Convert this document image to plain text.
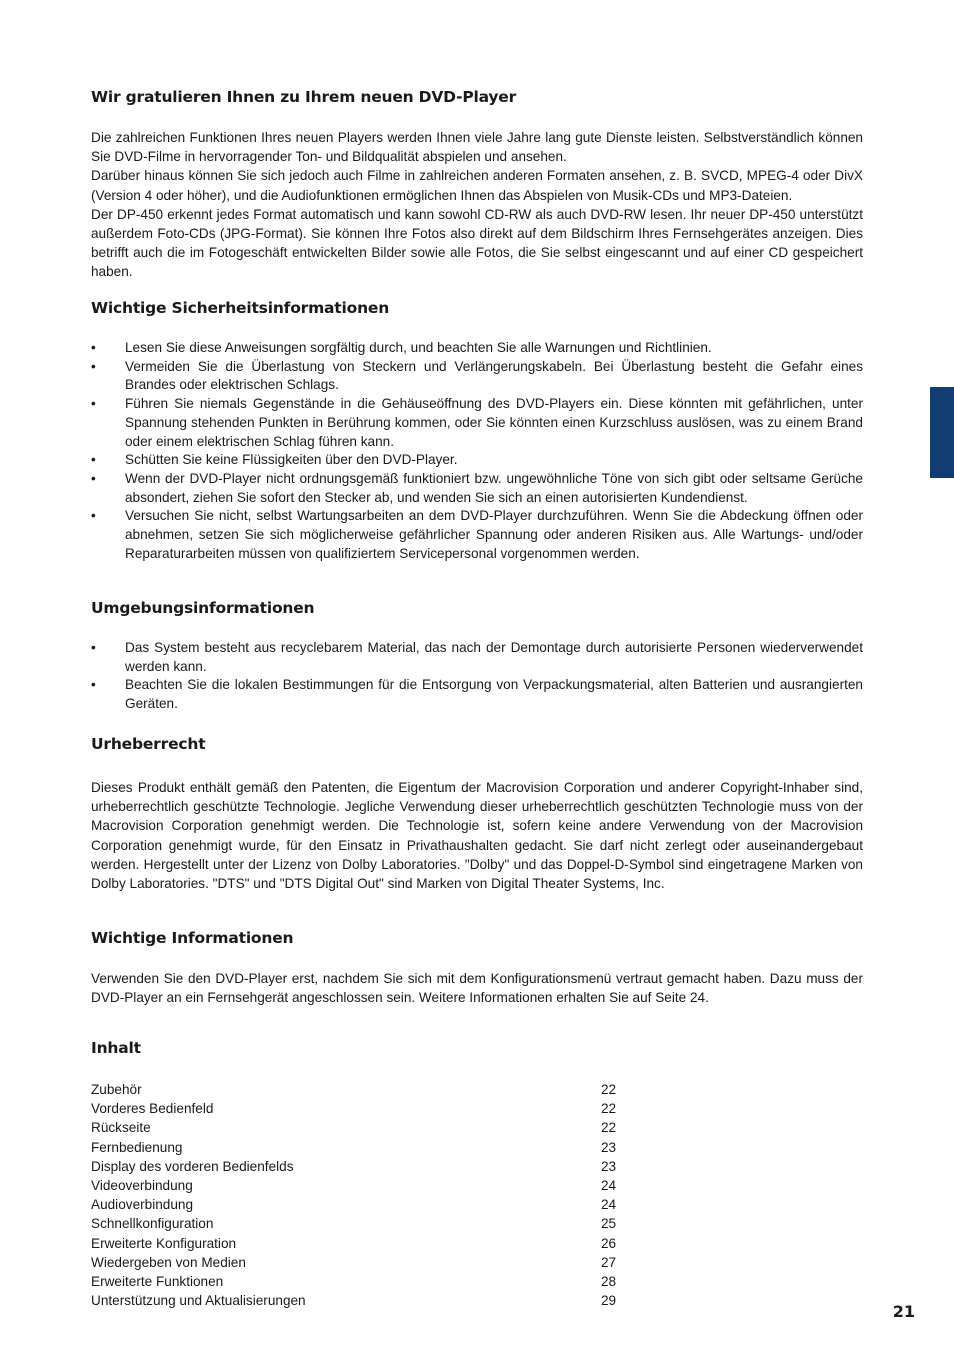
Wir gratulieren Ihnen zu Ihrem neuen DVD-Player

Die zahlreichen Funktionen Ihres neuen Players werden Ihnen viele Jahre lang gute Dienste leisten. Selbstverständlich können Sie DVD-Filme in hervorragender Ton- und Bildqualität abspielen und ansehen.

Darüber hinaus können Sie sich jedoch auch Filme in zahlreichen anderen Formaten ansehen, z. B. SVCD, MPEG-4 oder DivX (Version 4 oder höher), und die Audiofunktionen ermöglichen Ihnen das Abspielen von Musik-CDs und MP3-Dateien.

Der DP-450 erkennt jedes Format automatisch und kann sowohl CD-RW als auch DVD-RW lesen. Ihr neuer DP-450 unterstützt außerdem Foto-CDs (JPG-Format). Sie können Ihre Fotos also direkt auf dem Bildschirm Ihres Fernsehgerätes anzeigen. Dies betrifft auch die im Fotogeschäft entwickelten Bilder sowie alle Fotos, die Sie selbst eingescannt und auf einer CD gespeichert haben.

Wichtige Sicherheitsinformationen
• Lesen Sie diese Anweisungen sorgfältig durch, und beachten Sie alle Warnungen und Richtlinien.
• Vermeiden Sie die Überlastung von Steckern und Verlängerungskabeln. Bei Überlastung besteht die Gefahr eines Brandes oder elektrischen Schlags.
• Führen Sie niemals Gegenstände in die Gehäuseöffnung des DVD-Players ein. Diese könnten mit gefährlichen, unter Spannung stehenden Punkten in Berührung kommen, oder Sie könnten einen Kurzschluss auslösen, was zu einem Brand oder einem elektrischen Schlag führen kann.
• Schütten Sie keine Flüssigkeiten über den DVD-Player.
• Wenn der DVD-Player nicht ordnungsgemäß funktioniert bzw. ungewöhnliche Töne von sich gibt oder seltsame Gerüche absondert, ziehen Sie sofort den Stecker ab, und wenden Sie sich an einen autorisierten Kundendienst.
• Versuchen Sie nicht, selbst Wartungsarbeiten an dem DVD-Player durchzuführen. Wenn Sie die Abdeckung öffnen oder abnehmen, setzen Sie sich möglicherweise gefährlicher Spannung oder anderen Risiken aus. Alle Wartungs- und/oder Reparaturarbeiten müssen von qualifiziertem Servicepersonal vorgenommen werden.
Umgebungsinformationen
• Das System besteht aus recyclebarem Material, das nach der Demontage durch autorisierte Personen wiederverwendet werden kann.
• Beachten Sie die lokalen Bestimmungen für die Entsorgung von Verpackungsmaterial, alten Batterien und ausrangierten Geräten.
Urheberrecht

Dieses Produkt enthält gemäß den Patenten, die Eigentum der Macrovision Corporation und anderer Copyright-Inhaber sind, urheberrechtlich geschützte Technologie. Jegliche Verwendung dieser urheberrechtlich geschützten Technologie muss von der Macrovision Corporation genehmigt werden. Die Technologie ist, sofern keine andere Verwendung von der Macrovision Corporation genehmigt wurde, für den Einsatz in Privathaushalten gedacht. Sie darf nicht zerlegt oder auseinandergebaut werden. Hergestellt unter der Lizenz von Dolby Laboratories. "Dolby" und das Doppel-D-Symbol sind eingetragene Marken von Dolby Laboratories. "DTS" und "DTS Digital Out" sind Marken von Digital Theater Systems, Inc.

Wichtige Informationen

Verwenden Sie den DVD-Player erst, nachdem Sie sich mit dem Konfigurationsmenü vertraut gemacht haben. Dazu muss der DVD-Player an ein Fernsehgerät angeschlossen sein. Weitere Informationen erhalten Sie auf Seite 24.

Inhalt
Zubehör	22
Vorderes Bedienfeld	22
Rückseite	22
Fernbedienung	23
Display des vorderen Bedienfelds	23
Videoverbindung	24
Audioverbindung	24
Schnellkonfiguration	25
Erweiterte Konfiguration	26
Wiedergeben von Medien	27
Erweiterte Funktionen	28
Unterstützung und Aktualisierungen	29
21
